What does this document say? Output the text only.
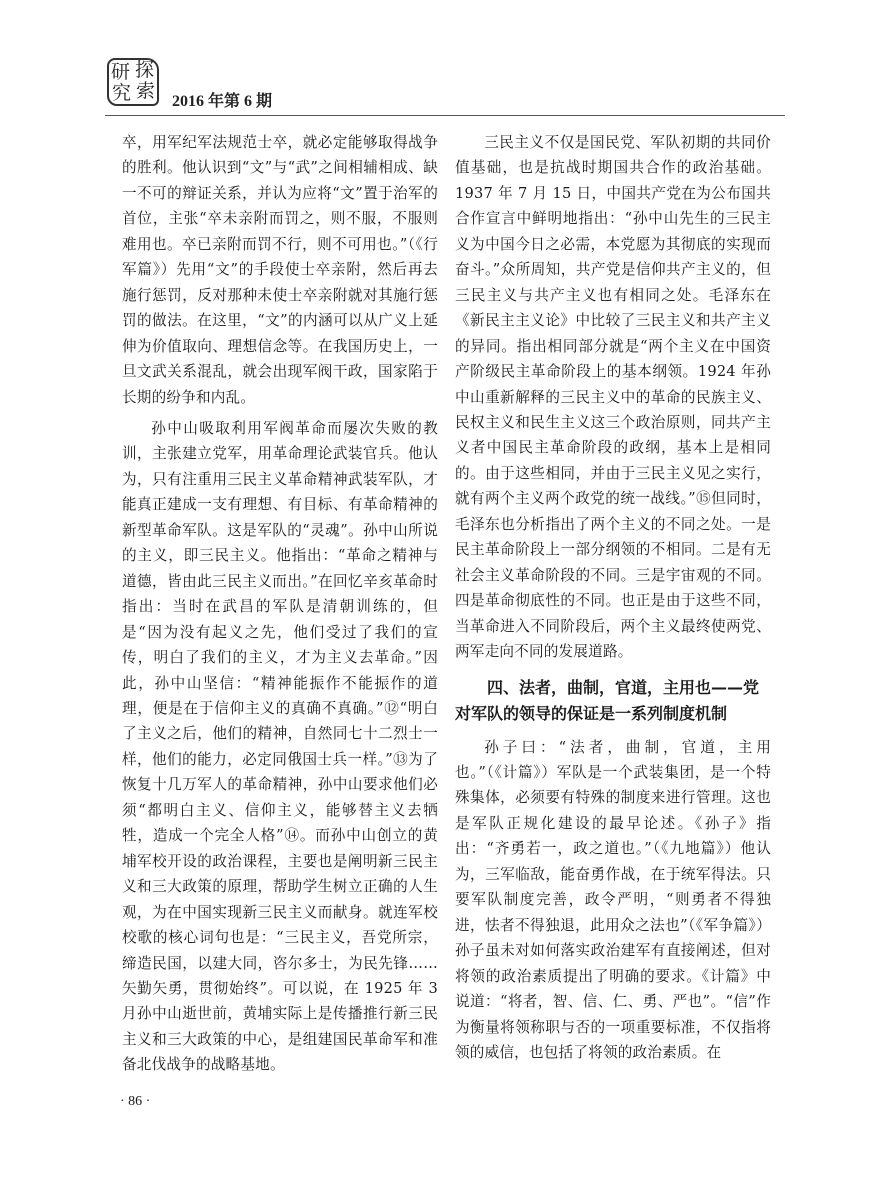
研
究
探
索 2016 年第 6 期

卒，用军纪军法规范士卒，就必定能够取得战争的胜利。他认识到“文”与“武”之间相辅相成、缺一不可的辩证关系，并认为应将“文”置于治军的首位，主张“卒未亲附而罚之，则不服，不服则难用也。卒已亲附而罚不行，则不可用也。”（《行军篇》）先用“文”的手段使士卒亲附，然后再去施行惩罚，反对那种未使士卒亲附就对其施行惩罚的做法。在这里，“文”的内涵可以从广义上延伸为价值取向、理想信念等。在我国历史上，一旦文武关系混乱，就会出现军阀干政，国家陷于长期的纷争和内乱。

孙中山吸取利用军阀革命而屡次失败的教训，主张建立党军，用革命理论武装官兵。他认为，只有注重用三民主义革命精神武装军队，才能真正建成一支有理想、有目标、有革命精神的新型革命军队。这是军队的“灵魂”。孙中山所说的主义，即三民主义。他指出：“革命之精神与道德，皆由此三民主义而出。”在回忆辛亥革命时指出：当时在武昌的军队是清朝训练的，但是“因为没有起义之先，他们受过了我们的宣传，明白了我们的主义，才为主义去革命。”因此，孙中山坚信：“精神能振作不能振作的道理，便是在于信仰主义的真确不真确。”⑫“明白了主义之后，他们的精神，自然同七十二烈士一样，他们的能力，必定同俄国士兵一样。”⑬为了恢复十几万军人的革命精神，孙中山要求他们必须“都明白主义、信仰主义，能够替主义去牺牲，造成一个完全人格”⑭。而孙中山创立的黄埔军校开设的政治课程，主要也是阐明新三民主义和三大政策的原理，帮助学生树立正确的人生观，为在中国实现新三民主义而献身。就连军校校歌的核心词句也是：“三民主义，吾党所宗，缔造民国，以建大同，咨尔多士，为民先锋……矢勤矢勇，贯彻始终”。可以说，在 1925 年 3 月孙中山逝世前，黄埔实际上是传播推行新三民主义和三大政策的中心，是组建国民革命军和准备北伐战争的战略基地。

三民主义不仅是国民党、军队初期的共同价值基础，也是抗战时期国共合作的政治基础。1937 年 7 月 15 日，中国共产党在为公布国共合作宣言中鲜明地指出：“孙中山先生的三民主义为中国今日之必需，本党愿为其彻底的实现而奋斗。”众所周知，共产党是信仰共产主义的，但三民主义与共产主义也有相同之处。毛泽东在《新民主主义论》中比较了三民主义和共产主义的异同。指出相同部分就是“两个主义在中国资产阶级民主革命阶段上的基本纲领。1924 年孙中山重新解释的三民主义中的革命的民族主义、民权主义和民生主义这三个政治原则，同共产主义者中国民主革命阶段的政纲，基本上是相同的。由于这些相同，并由于三民主义见之实行，就有两个主义两个政党的统一战线。”⑮但同时，毛泽东也分析指出了两个主义的不同之处。一是民主革命阶段上一部分纲领的不相同。二是有无社会主义革命阶段的不同。三是宇宙观的不同。四是革命彻底性的不同。也正是由于这些不同，当革命进入不同阶段后，两个主义最终使两党、两军走向不同的发展道路。

四、法者，曲制，官道，主用也——党对军队的领导的保证是一系列制度机制

孙子曰：“法者，曲制，官道，主用也。”（《计篇》）军队是一个武装集团，是一个特殊集体，必须要有特殊的制度来进行管理。这也是军队正规化建设的最早论述。《孙子》指出：“齐勇若一，政之道也。”（《九地篇》）他认为，三军临敌，能奋勇作战，在于统军得法。只要军队制度完善，政令严明，“则勇者不得独进，怯者不得独退，此用众之法也”（《军争篇》）孙子虽未对如何落实政治建军有直接阐述，但对将领的政治素质提出了明确的要求。《计篇》中说道：“将者，智、信、仁、勇、严也”。“信”作为衡量将领称职与否的一项重要标准，不仅指将领的威信，也包括了将领的政治素质。在

· 86 ·
